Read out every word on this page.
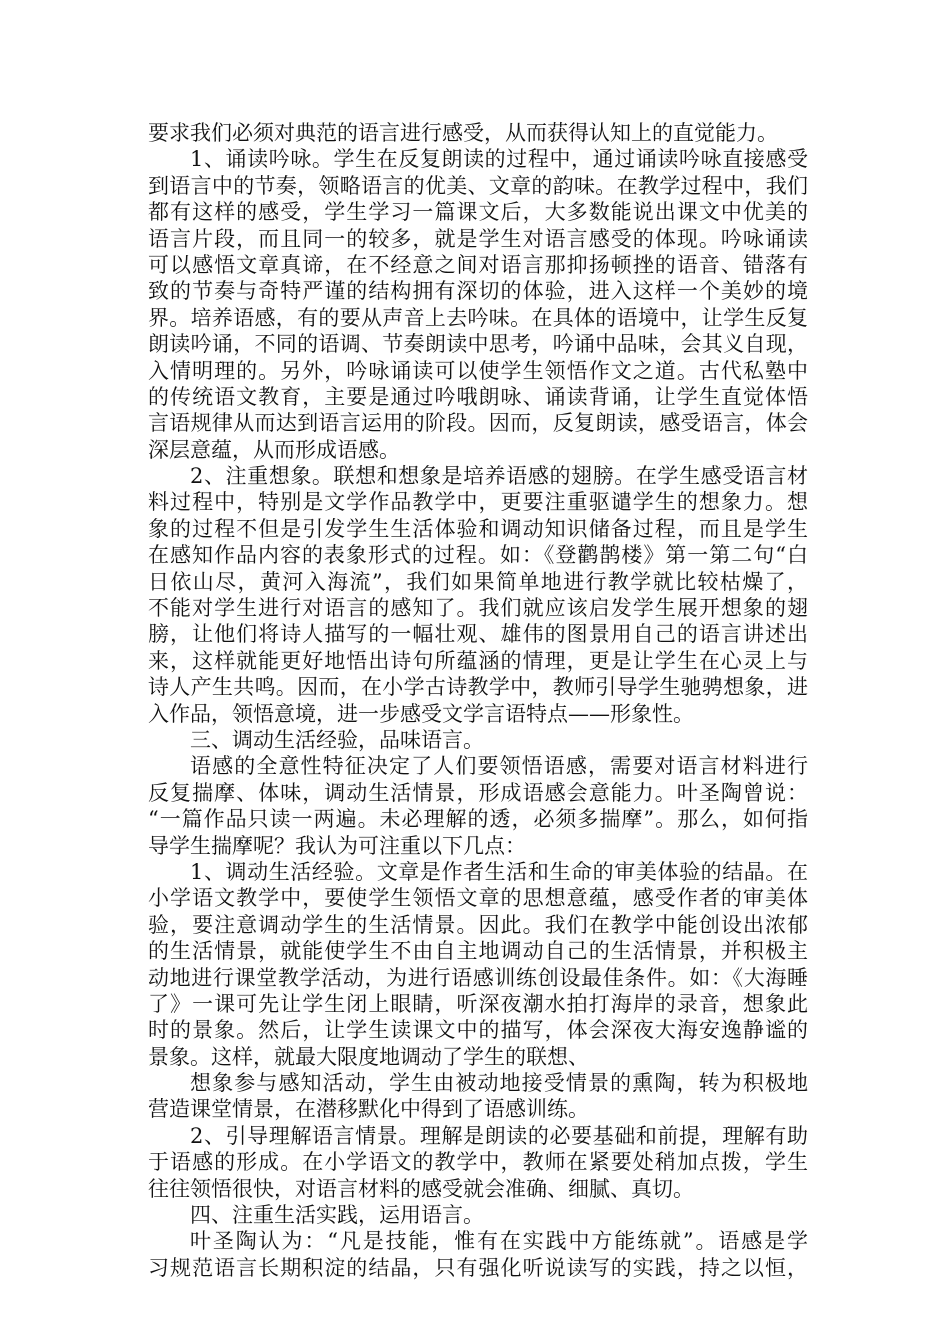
要求我们必须对典范的语言进行感受，从而获得认知上的直觉能力。
1、诵读吟咏。学生在反复朗读的过程中，通过诵读吟咏直接感受
到语言中的节奏，领略语言的优美、文章的韵味。在教学过程中，我们
都有这样的感受，学生学习一篇课文后，大多数能说出课文中优美的
语言片段，而且同一的较多，就是学生对语言感受的体现。吟咏诵读
可以感悟文章真谛，在不经意之间对语言那抑扬顿挫的语音、错落有
致的节奏与奇特严谨的结构拥有深切的体验，进入这样一个美妙的境
界。培养语感，有的要从声音上去吟味。在具体的语境中，让学生反复
朗读吟诵，不同的语调、节奏朗读中思考，吟诵中品味，会其义自现，
入情明理的。另外，吟咏诵读可以使学生领悟作文之道。古代私塾中
的传统语文教育，主要是通过吟哦朗咏、诵读背诵，让学生直觉体悟
言语规律从而达到语言运用的阶段。因而，反复朗读，感受语言，体会
深层意蕴，从而形成语感。
2、注重想象。联想和想象是培养语感的翅膀。在学生感受语言材
料过程中，特别是文学作品教学中，更要注重驱谴学生的想象力。想
象的过程不但是引发学生生活体验和调动知识储备过程，而且是学生
在感知作品内容的表象形式的过程。如：《登鹳鹊楼》第一第二句“白
日依山尽，黄河入海流”，我们如果简单地进行教学就比较枯燥了，
不能对学生进行对语言的感知了。我们就应该启发学生展开想象的翅
膀，让他们将诗人描写的一幅壮观、雄伟的图景用自己的语言讲述出
来，这样就能更好地悟出诗句所蕴涵的情理，更是让学生在心灵上与
诗人产生共鸣。因而，在小学古诗教学中，教师引导学生驰骋想象，进
入作品，领悟意境，进一步感受文学言语特点——形象性。
三、调动生活经验，品味语言。
语感的全意性特征决定了人们要领悟语感，需要对语言材料进行
反复揣摩、体味，调动生活情景，形成语感会意能力。叶圣陶曾说：
“一篇作品只读一两遍。未必理解的透，必须多揣摩”。那么，如何指
导学生揣摩呢？我认为可注重以下几点：
1、调动生活经验。文章是作者生活和生命的审美体验的结晶。在
小学语文教学中，要使学生领悟文章的思想意蕴，感受作者的审美体
验，要注意调动学生的生活情景。因此。我们在教学中能创设出浓郁
的生活情景，就能使学生不由自主地调动自己的生活情景，并积极主
动地进行课堂教学活动，为进行语感训练创设最佳条件。如：《大海睡
了》一课可先让学生闭上眼睛，听深夜潮水拍打海岸的录音，想象此
时的景象。然后，让学生读课文中的描写，体会深夜大海安逸静谧的
景象。这样，就最大限度地调动了学生的联想、
想象参与感知活动，学生由被动地接受情景的熏陶，转为积极地
营造课堂情景，在潜移默化中得到了语感训练。
2、引导理解语言情景。理解是朗读的必要基础和前提，理解有助
于语感的形成。在小学语文的教学中，教师在紧要处稍加点拨，学生
往往领悟很快，对语言材料的感受就会准确、细腻、真切。
四、注重生活实践，运用语言。
叶圣陶认为：“凡是技能，惟有在实践中方能练就”。语感是学
习规范语言长期积淀的结晶，只有强化听说读写的实践，持之以恒，
